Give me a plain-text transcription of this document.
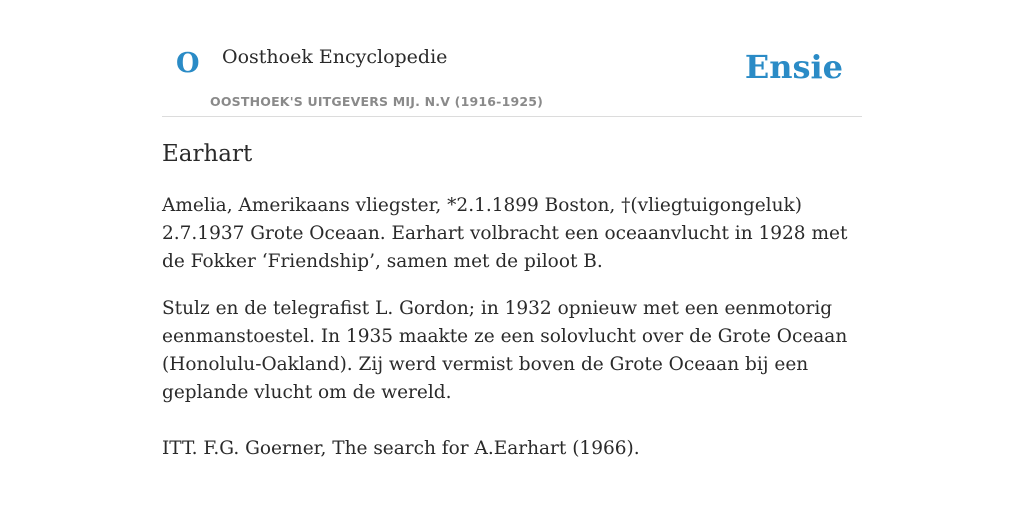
O Oosthoek Encyclopedie
OOSTHOEK'S UITGEVERS MIJ. N.V (1916-1925)
Ensie
Earhart

Amelia, Amerikaans vliegster, *2.1.1899 Boston, †(vliegtuigongeluk) 2.7.1937 Grote Oceaan. Earhart volbracht een oceaanvlucht in 1928 met de Fokker ‘Friendship’, samen met de piloot B.

Stulz en de telegrafist L. Gordon; in 1932 opnieuw met een eenmotorig eenmanstoestel. In 1935 maakte ze een solovlucht over de Grote Oceaan (Honolulu-Oakland). Zij werd vermist boven de Grote Oceaan bij een geplande vlucht om de wereld.

ITT. F.G. Goerner, The search for A.Earhart (1966).
